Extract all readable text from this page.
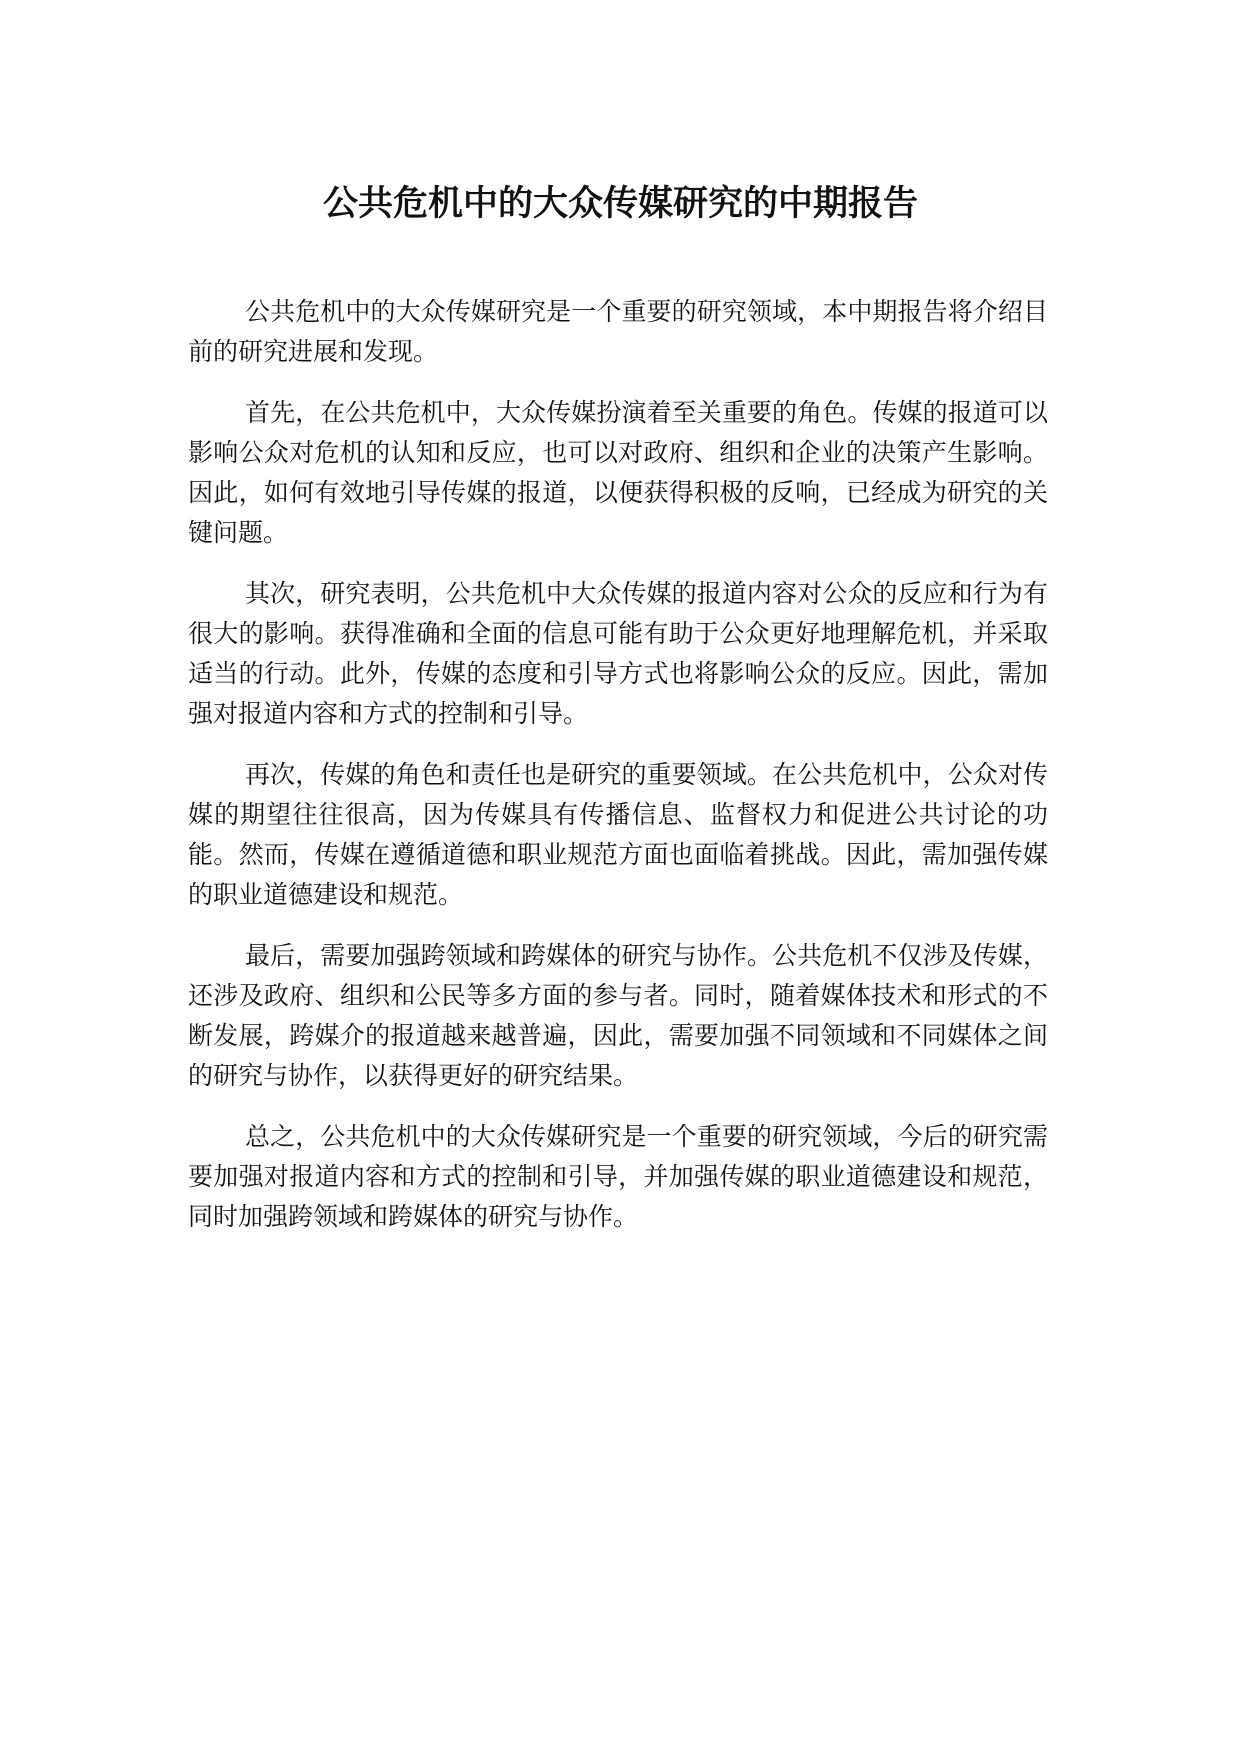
公共危机中的大众传媒研究的中期报告

公共危机中的大众传媒研究是一个重要的研究领域，本中期报告将介绍目前的研究进展和发现。

首先，在公共危机中，大众传媒扮演着至关重要的角色。传媒的报道可以影响公众对危机的认知和反应，也可以对政府、组织和企业的决策产生影响。因此，如何有效地引导传媒的报道，以便获得积极的反响，已经成为研究的关键问题。

其次，研究表明，公共危机中大众传媒的报道内容对公众的反应和行为有很大的影响。获得准确和全面的信息可能有助于公众更好地理解危机，并采取适当的行动。此外，传媒的态度和引导方式也将影响公众的反应。因此，需加强对报道内容和方式的控制和引导。

再次，传媒的角色和责任也是研究的重要领域。在公共危机中，公众对传媒的期望往往很高，因为传媒具有传播信息、监督权力和促进公共讨论的功能。然而，传媒在遵循道德和职业规范方面也面临着挑战。因此，需加强传媒的职业道德建设和规范。

最后，需要加强跨领域和跨媒体的研究与协作。公共危机不仅涉及传媒，还涉及政府、组织和公民等多方面的参与者。同时，随着媒体技术和形式的不断发展，跨媒介的报道越来越普遍，因此，需要加强不同领域和不同媒体之间的研究与协作，以获得更好的研究结果。

总之，公共危机中的大众传媒研究是一个重要的研究领域，今后的研究需要加强对报道内容和方式的控制和引导，并加强传媒的职业道德建设和规范，同时加强跨领域和跨媒体的研究与协作。
